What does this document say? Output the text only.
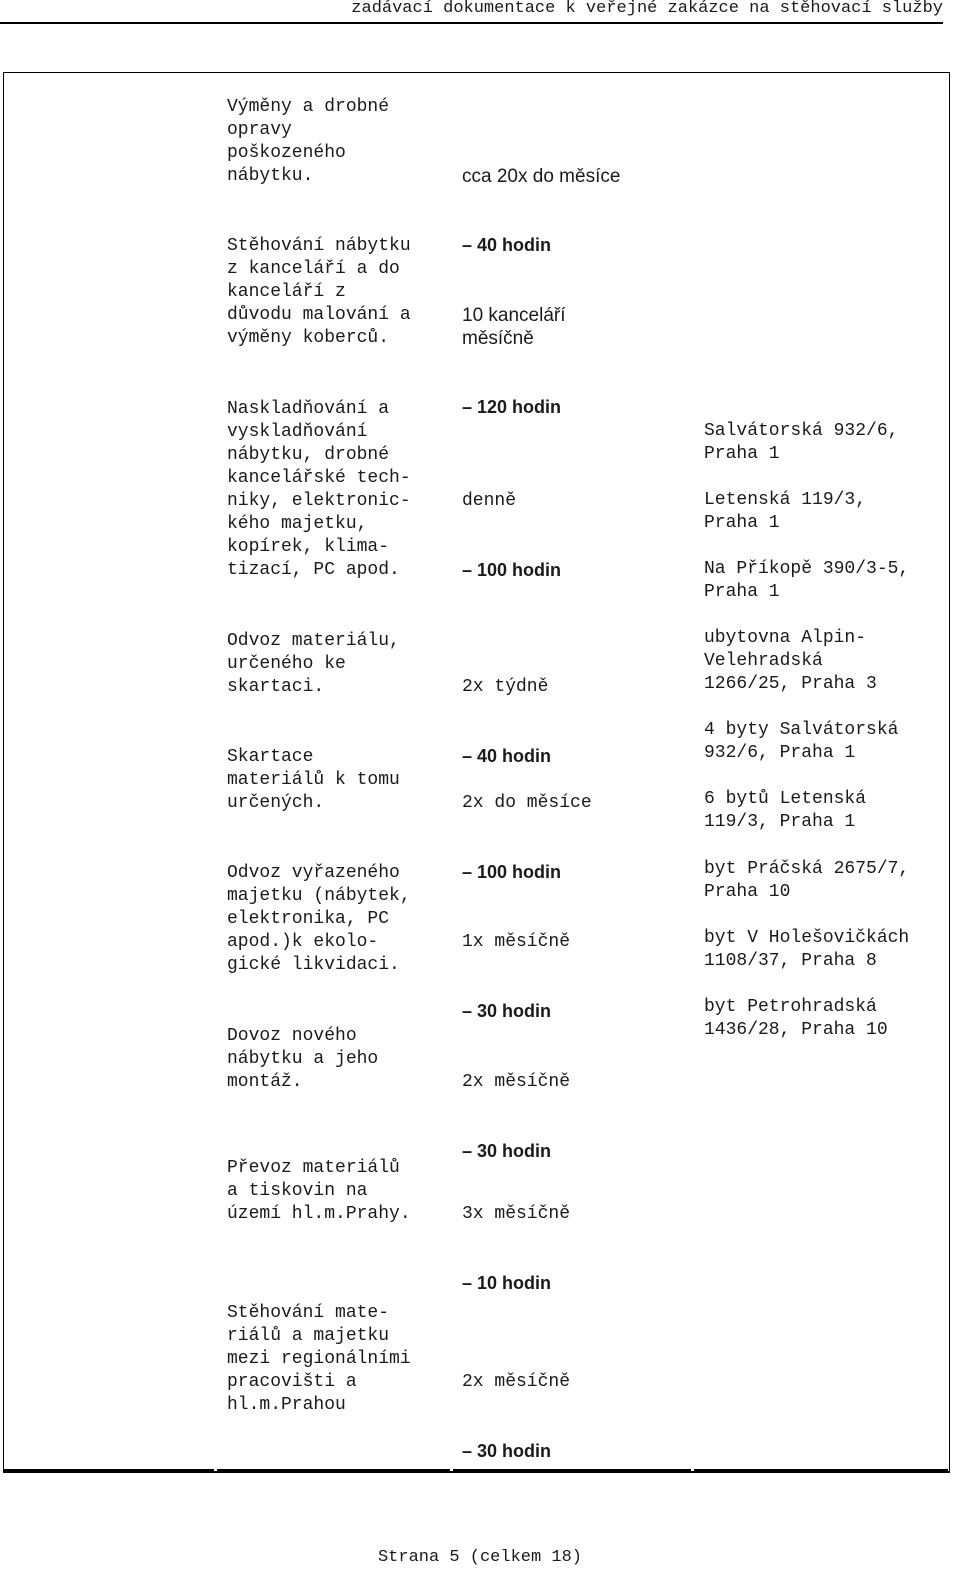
zadávací dokumentace k veřejné zakázce na stěhovací služby
Výměny a drobné
opravy
poškozeného
nábytku.
Stěhování nábytku
z kanceláří a do
kanceláří z
důvodu malování a
výměny koberců.
Naskladňování a
vyskladňování
nábytku, drobné
kancelářské tech-
niky, elektronic-
kého majetku,
kopírek, klima-
tizací, PC apod.
Odvoz materiálu,
určeného ke
skartaci.
Skartace
materiálů k tomu
určených.
Odvoz vyřazeného
majetku (nábytek,
elektronika, PC
apod.)k ekolo-
gické likvidaci.
Dovoz nového
nábytku a jeho
montáž.
Převoz materiálů
a tiskovin na
území hl.m.Prahy.
Stěhování mate-
riálů a majetku
mezi regionálními
pracovišti a
hl.m.Prahou

cca 20x do měsíce

– 40 hodin

10 kanceláří
měsíčně

– 120 hodin

denně

– 100 hodin

2x týdně

– 40 hodin

2x do měsíce

– 100 hodin

1x měsíčně

– 30 hodin

2x měsíčně

– 30 hodin

3x měsíčně

– 10 hodin

2x měsíčně

– 30 hodin

Salvátorská 932/6,
Praha 1
Letenská 119/3,
Praha 1
Na Příkopě 390/3-5,
Praha 1
ubytovna Alpin-
Velehradská
1266/25, Praha 3
4 byty Salvátorská
932/6, Praha 1
6 bytů Letenská
119/3, Praha 1
byt Práčská 2675/7,
Praha 10
byt V Holešovičkách
1108/37, Praha 8
byt Petrohradská
1436/28, Praha 10
Strana 5 (celkem 18)
